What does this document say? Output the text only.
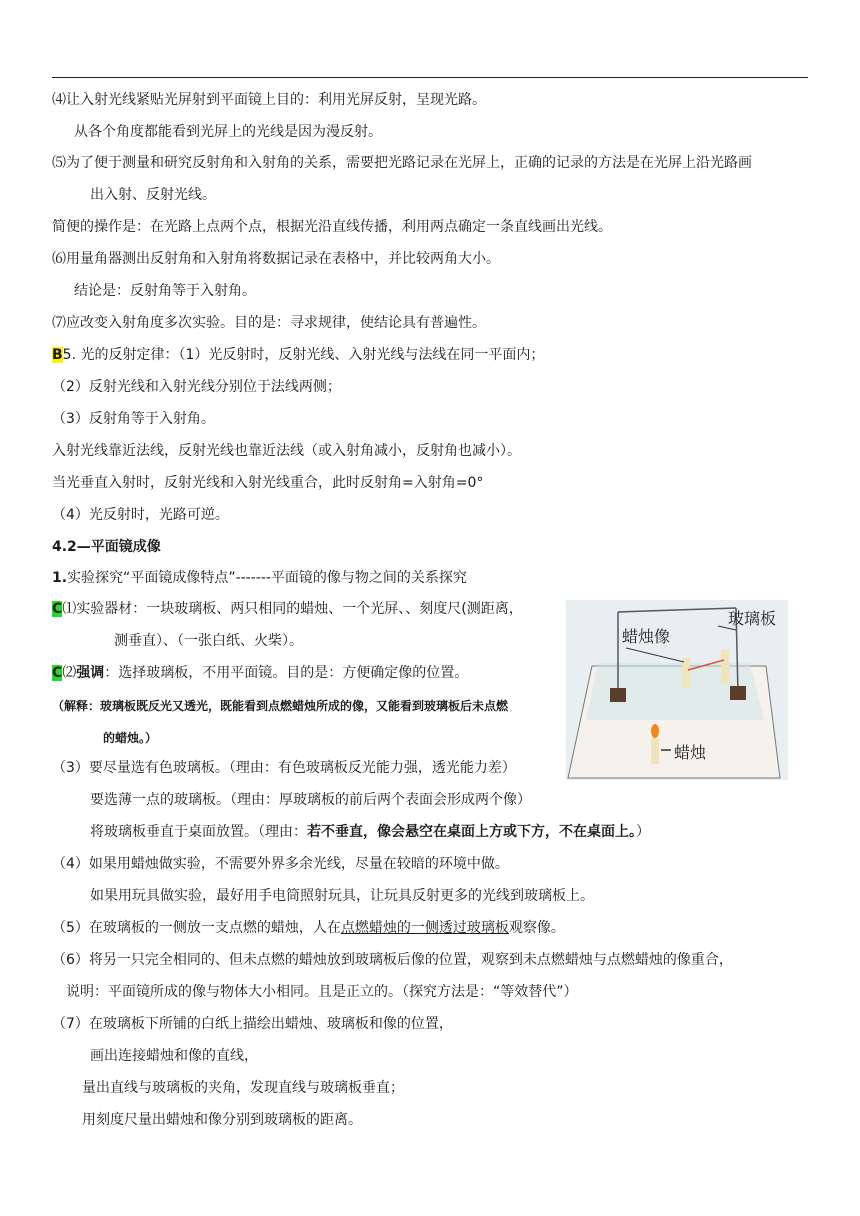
⑷让入射光线紧贴光屏射到平面镜上目的：利用光屏反射，呈现光路。
从各个角度都能看到光屏上的光线是因为漫反射。
⑸为了便于测量和研究反射角和入射角的关系，需要把光路记录在光屏上，正确的记录的方法是在光屏上沿光路画
出入射、反射光线。
简便的操作是：在光路上点两个点，根据光沿直线传播，利用两点确定一条直线画出光线。
⑹用量角器测出反射角和入射角将数据记录在表格中，并比较两角大小。
结论是：反射角等于入射角。
⑺应改变入射角度多次实验。目的是：寻求规律，使结论具有普遍性。
B5. 光的反射定律：（1）光反射时，反射光线、入射光线与法线在同一平面内；
（2）反射光线和入射光线分别位于法线两侧；
（3）反射角等于入射角。
入射光线靠近法线，反射光线也靠近法线（或入射角减小，反射角也减小）。
当光垂直入射时，反射光线和入射光线重合，此时反射角=入射角=0°
（4）光反射时，光路可逆。
4.2—平面镜成像
1.实验探究“平面镜成像特点”-------平面镜的像与物之间的关系探究
C⑴实验器材：一块玻璃板、两只相同的蜡烛、一个光屏、、刻度尺(测距离，
测垂直）、（一张白纸、火柴）。
C⑵强调：选择玻璃板，不用平面镜。目的是：方便确定像的位置。
（解释：玻璃板既反光又透光，既能看到点燃蜡烛所成的像，又能看到玻璃板后未点燃
的蜡烛。）
蜡烛像
玻璃板
蜡烛
（3）要尽量选有色玻璃板。（理由：有色玻璃板反光能力强，透光能力差）
要选薄一点的玻璃板。（理由：厚玻璃板的前后两个表面会形成两个像）
将玻璃板垂直于桌面放置。（理由：若不垂直，像会悬空在桌面上方或下方，不在桌面上。）
（4）如果用蜡烛做实验，不需要外界多余光线，尽量在较暗的环境中做。
如果用玩具做实验，最好用手电筒照射玩具，让玩具反射更多的光线到玻璃板上。
（5）在玻璃板的一侧放一支点燃的蜡烛，人在点燃蜡烛的一侧透过玻璃板观察像。
（6）将另一只完全相同的、但未点燃的蜡烛放到玻璃板后像的位置，观察到未点燃蜡烛与点燃蜡烛的像重合，
说明：平面镜所成的像与物体大小相同。且是正立的。（探究方法是：“等效替代”）
（7）在玻璃板下所铺的白纸上描绘出蜡烛、玻璃板和像的位置，
画出连接蜡烛和像的直线，
量出直线与玻璃板的夹角，发现直线与玻璃板垂直；
用刻度尺量出蜡烛和像分别到玻璃板的距离。
